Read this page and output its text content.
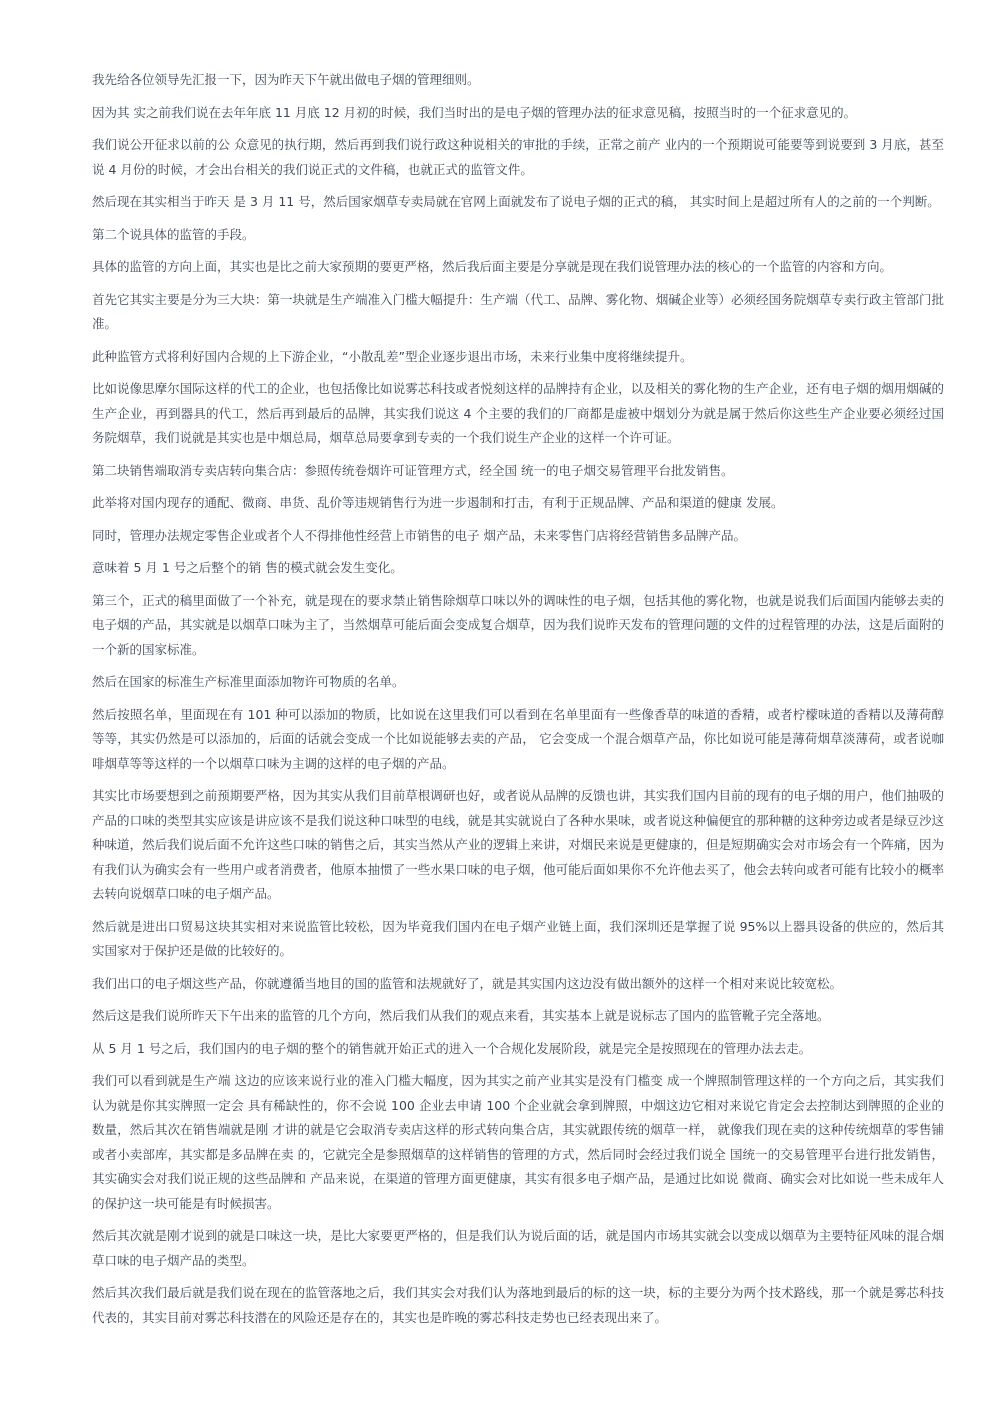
我先给各位领导先汇报一下，因为昨天下午就出做电子烟的管理细则。

因为其 实之前我们说在去年年底 11 月底 12 月初的时候，我们当时出的是电子烟的管理办法的征求意见稿，按照当时的一个征求意见的。

我们说公开征求以前的公 众意见的执行期，然后再到我们说行政这种说相关的审批的手续，正常之前产 业内的一个预期说可能要等到说要到 3 月底，甚至说 4 月份的时候，才会出台相关的我们说正式的文件稿，也就正式的监管文件。

然后现在其实相当于昨天 是 3 月 11 号，然后国家烟草专卖局就在官网上面就发布了说电子烟的正式的稿， 其实时间上是超过所有人的之前的一个判断。

第二个说具体的监管的手段。

具体的监管的方向上面，其实也是比之前大家预期的要更严格，然后我后面主要是分享就是现在我们说管理办法的核心的一个监管的内容和方向。

首先它其实主要是分为三大块：第一块就是生产端准入门槛大幅提升：生产端（代工、品牌、雾化物、烟碱企业等）必须经国务院烟草专卖行政主管部门批准。

此种监管方式将利好国内合规的上下游企业，“小散乱差”型企业逐步退出市场，未来行业集中度将继续提升。

比如说像思摩尔国际这样的代工的企业，也包括像比如说雾芯科技或者悦刻这样的品牌持有企业，以及相关的雾化物的生产企业，还有电子烟的烟用烟碱的生产企业，再到器具的代工，然后再到最后的品牌，其实我们说这 4 个主要的我们的厂商都是虚被中烟划分为就是属于然后你这些生产企业要必须经过国务院烟草，我们说就是其实也是中烟总局，烟草总局要拿到专卖的一个我们说生产企业的这样一个许可证。

第二块销售端取消专卖店转向集合店：参照传统卷烟许可证管理方式，经全国 统一的电子烟交易管理平台批发销售。

此举将对国内现存的通配、微商、串货、乱价等违规销售行为进一步遏制和打击，有利于正规品牌、产品和渠道的健康 发展。

同时，管理办法规定零售企业或者个人不得排他性经营上市销售的电子 烟产品，未来零售门店将经营销售多品牌产品。

意味着 5 月 1 号之后整个的销 售的模式就会发生变化。

第三个，正式的稿里面做了一个补充，就是现在的要求禁止销售除烟草口味以外的调味性的电子烟，包括其他的雾化物，也就是说我们后面国内能够去卖的电子烟的产品，其实就是以烟草口味为主了，当然烟草可能后面会变成复合烟草，因为我们说昨天发布的管理问题的文件的过程管理的办法，这是后面附的一个新的国家标准。

然后在国家的标准生产标准里面添加物许可物质的名单。

然后按照名单，里面现在有 101 种可以添加的物质，比如说在这里我们可以看到在名单里面有一些像香草的味道的香精，或者柠檬味道的香精以及薄荷醇等等，其实仍然是可以添加的，后面的话就会变成一个比如说能够去卖的产品， 它会变成一个混合烟草产品，你比如说可能是薄荷烟草淡薄荷，或者说咖啡烟草等等这样的一个以烟草口味为主调的这样的电子烟的产品。

其实比市场要想到之前预期要严格，因为其实从我们目前草根调研也好，或者说从品牌的反馈也讲，其实我们国内目前的现有的电子烟的用户，他们抽吸的产品的口味的类型其实应该是讲应该不是我们说这种口味型的电线，就是其实就说白了各种水果味，或者说这种偏便宜的那种糖的这种旁边或者是绿豆沙这种味道，然后我们说后面不允许这些口味的销售之后，其实当然从产业的逻辑上来讲，对烟民来说是更健康的，但是短期确实会对市场会有一个阵痛，因为有我们认为确实会有一些用户或者消费者，他原本抽惯了一些水果口味的电子烟，他可能后面如果你不允许他去买了，他会去转向或者可能有比较小的概率去转向说烟草口味的电子烟产品。

然后就是进出口贸易这块其实相对来说监管比较松，因为毕竟我们国内在电子烟产业链上面，我们深圳还是掌握了说 95%以上器具设备的供应的，然后其实国家对于保护还是做的比较好的。

我们出口的电子烟这些产品，你就遵循当地目的国的监管和法规就好了，就是其实国内这边没有做出额外的这样一个相对来说比较宽松。

然后这是我们说所昨天下午出来的监管的几个方向，然后我们从我们的观点来看，其实基本上就是说标志了国内的监管靴子完全落地。

从 5 月 1 号之后，我们国内的电子烟的整个的销售就开始正式的进入一个合规化发展阶段，就是完全是按照现在的管理办法去走。

我们可以看到就是生产端 这边的应该来说行业的准入门槛大幅度，因为其实之前产业其实是没有门槛变 成一个牌照制管理这样的一个方向之后，其实我们认为就是你其实牌照一定会 具有稀缺性的，你不会说 100 企业去申请 100 个企业就会拿到牌照，中烟这边它相对来说它肯定会去控制达到牌照的企业的数量，然后其次在销售端就是刚 才讲的就是它会取消专卖店这样的形式转向集合店，其实就跟传统的烟草一样， 就像我们现在卖的这种传统烟草的零售铺或者小卖部库，其实都是多品牌在卖 的，它就完全是参照烟草的这样销售的管理的方式，然后同时会经过我们说全 国统一的交易管理平台进行批发销售，其实确实会对我们说正规的这些品牌和 产品来说，在渠道的管理方面更健康，其实有很多电子烟产品，是通过比如说 微商、确实会对比如说一些未成年人的保护这一块可能是有时候损害。

然后其次就是刚才说到的就是口味这一块，是比大家要更严格的，但是我们认为说后面的话，就是国内市场其实就会以变成以烟草为主要特征风味的混合烟草口味的电子烟产品的类型。

然后其次我们最后就是我们说在现在的监管落地之后，我们其实会对我们认为落地到最后的标的这一块，标的主要分为两个技术路线，那一个就是雾芯科技代表的，其实目前对雾芯科技潜在的风险还是存在的，其实也是昨晚的雾芯科技走势也已经表现出来了。
